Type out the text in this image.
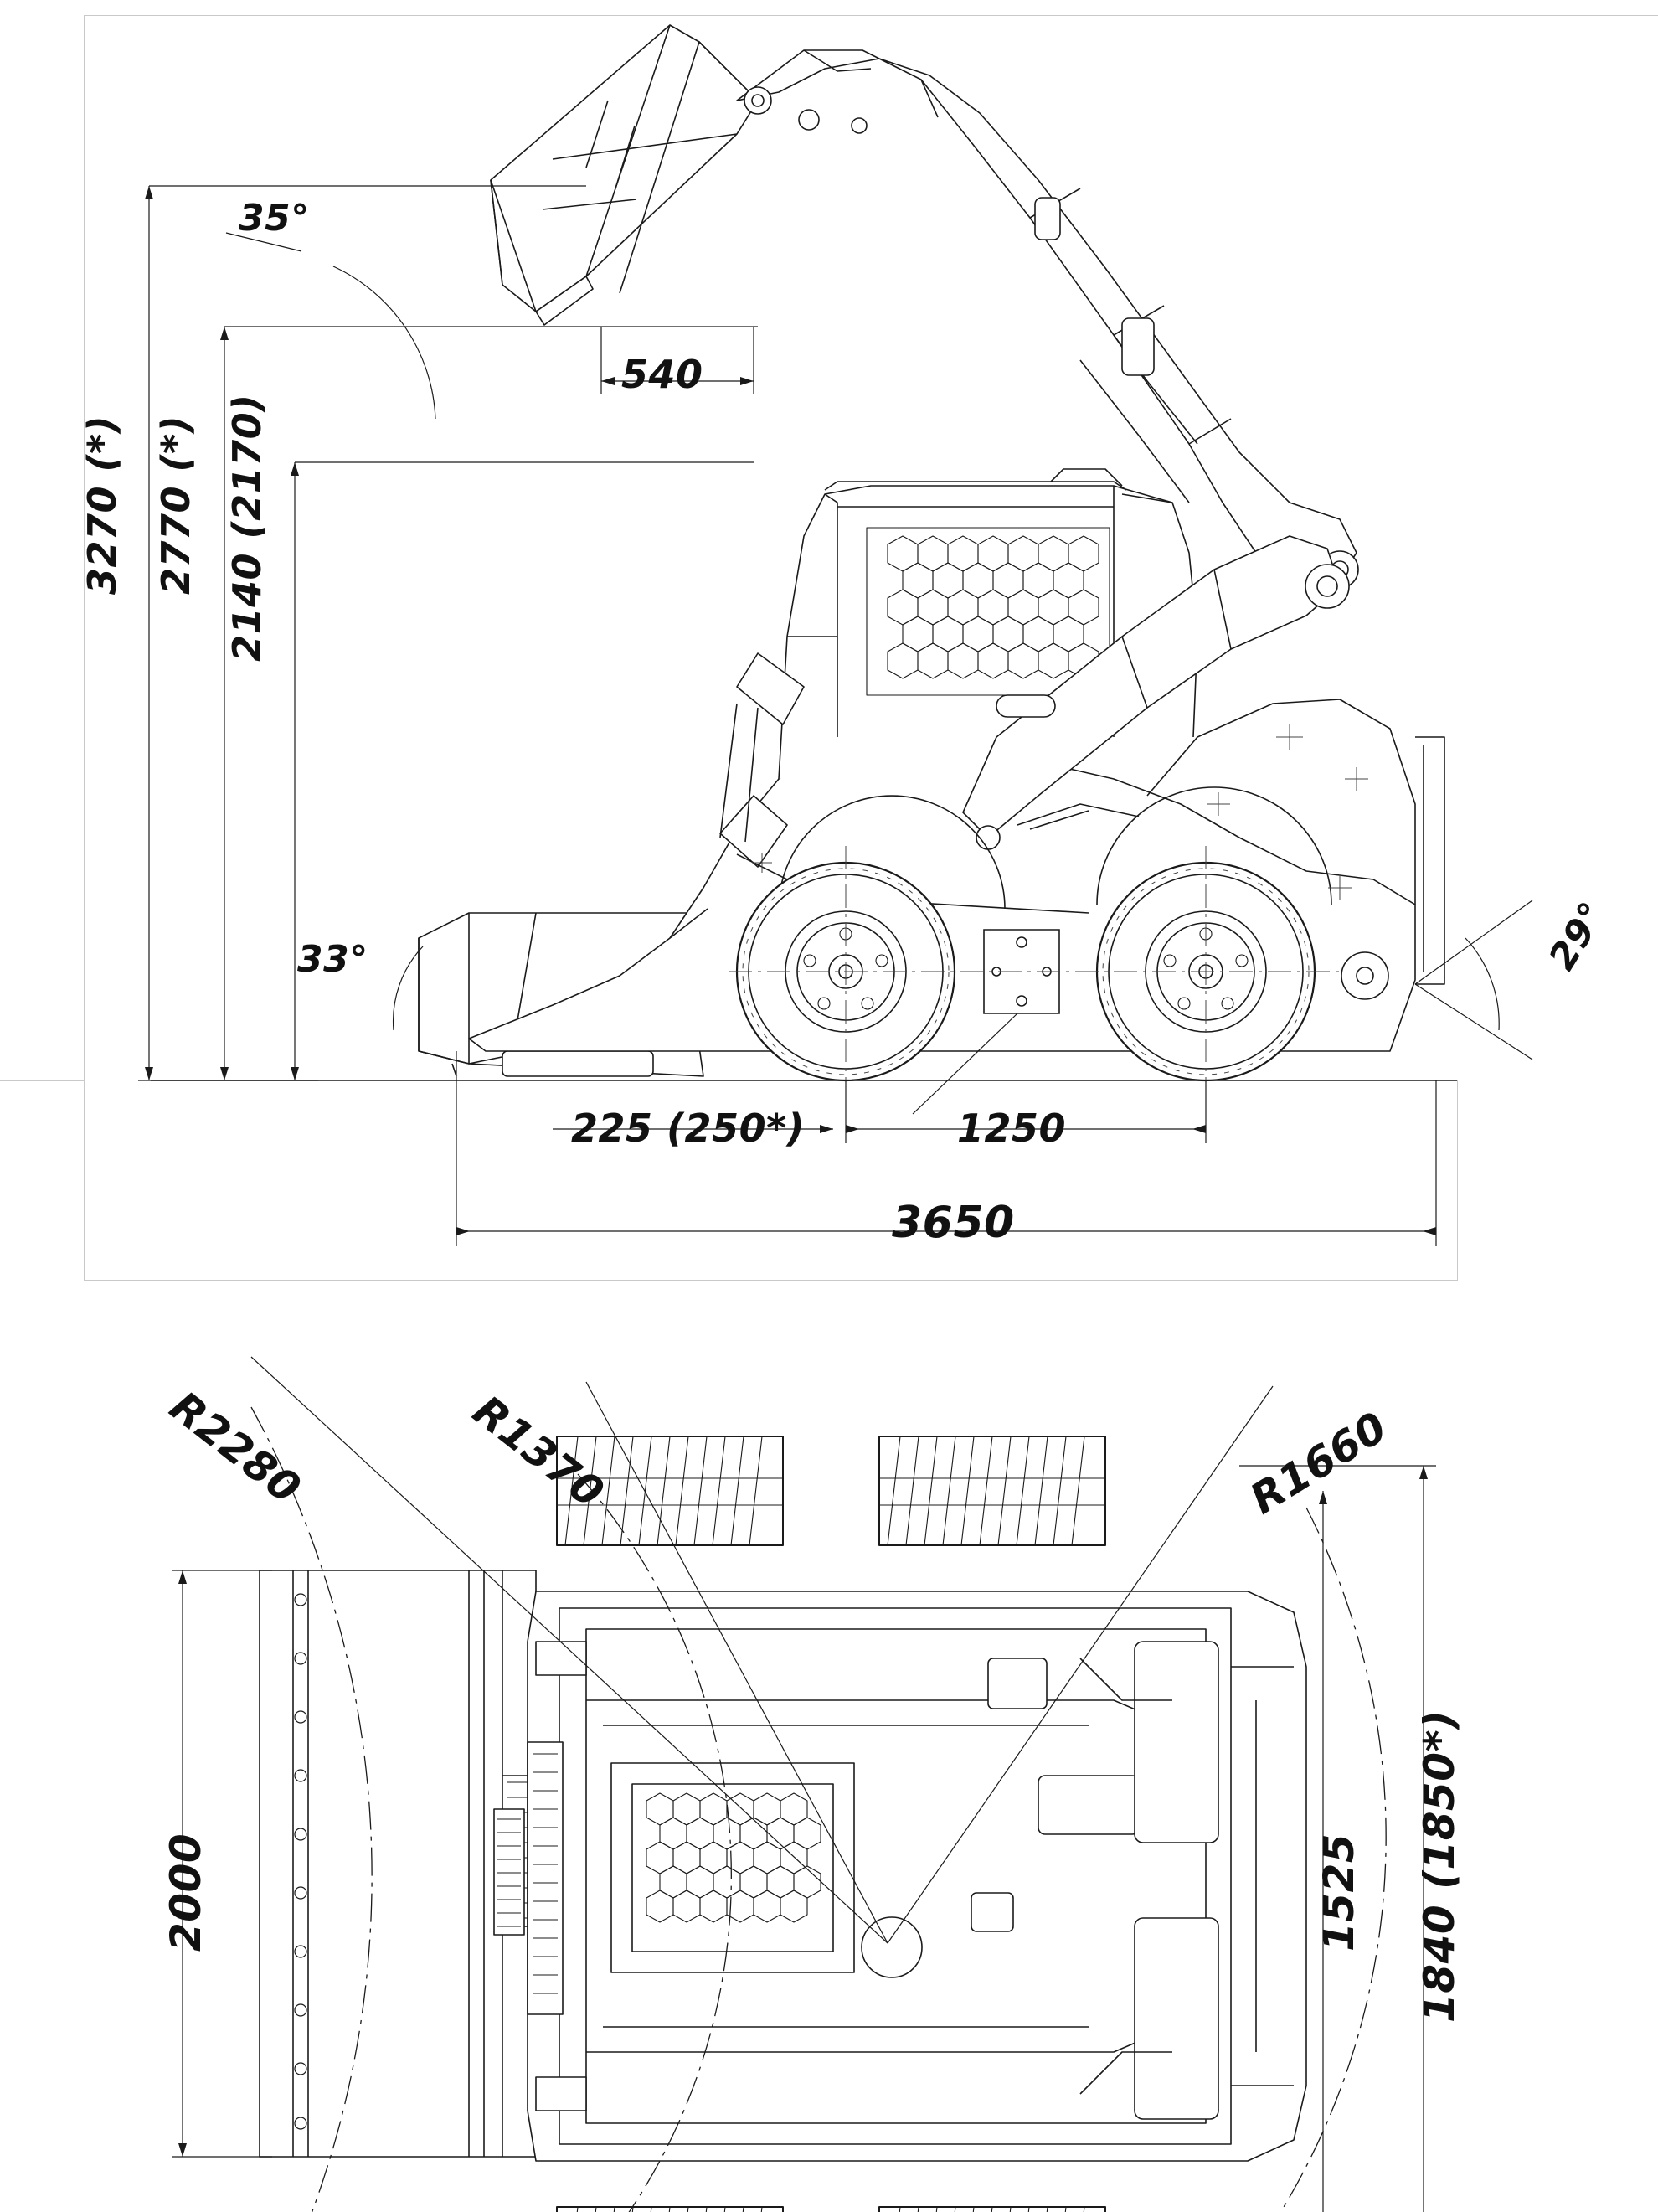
35°
540
3270 (*) 2770 (*) 2140 (2170)
33°	29°
225 (250*)	1250
3650
R2280	R1370	R1660
2000	1525 1840 (1850*)
